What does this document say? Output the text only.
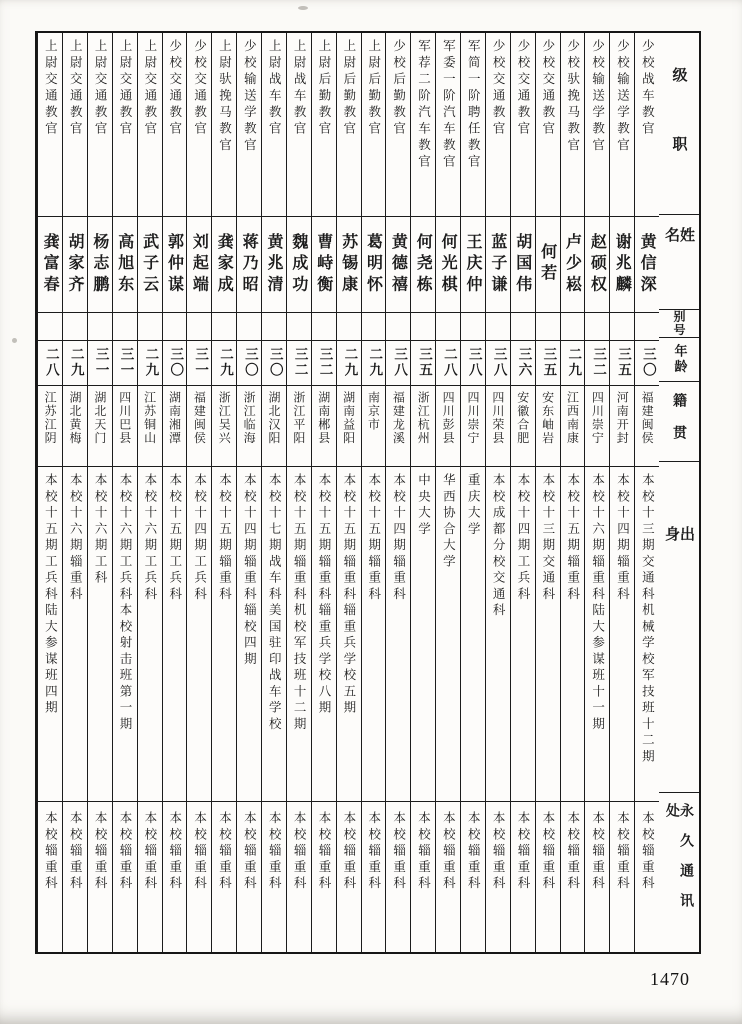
级职
姓名
别号
年龄
籍贯
出身
永久通讯处
少校战车教官
黄信深
三〇
福建闽侯
本校十三期交通科机械学校军技班十二期
本校辎重科
少校输送学教官
谢兆麟
三五
河南开封
本校十四期辎重科
本校辎重科
少校输送学教官
赵硕权
三二
四川崇宁
本校十六期辎重科陆大参谋班十一期
本校辎重科
少校驮挽马教官
卢少崧
二九
江西南康
本校十五期辎重科
本校辎重科
少校交通教官
何若
三五
安东岫岩
本校十三期交通科
本校辎重科
少校交通教官
胡国伟
三六
安徽合肥
本校十四期工兵科
本校辎重科
少校交通教官
蓝子谦
三八
四川荣县
本校成都分校交通科
本校辎重科
军简一阶聘任教官
王庆仲
三八
四川崇宁
重庆大学
本校辎重科
军委一阶汽车教官
何光棋
二八
四川彭县
华西协合大学
本校辎重科
军荐二阶汽车教官
何尧栋
三五
浙江杭州
中央大学
本校辎重科
少校后勤教官
黄德禧
三八
福建龙溪
本校十四期辎重科
本校辎重科
上尉后勤教官
葛明怀
二九
南京市
本校十五期辎重科
本校辎重科
上尉后勤教官
苏锡康
二九
湖南益阳
本校十五期辎重科辎重兵学校五期
本校辎重科
上尉后勤教官
曹峙衡
三二
湖南郴县
本校十五期辎重科辎重兵学校八期
本校辎重科
上尉战车教官
魏成功
三二
浙江平阳
本校十五期辎重科机校军技班十二期
本校辎重科
上尉战车教官
黄兆清
三〇
湖北汉阳
本校十七期战车科美国驻印战车学校
本校辎重科
少校输送学教官
蒋乃昭
三〇
浙江临海
本校十四期辎重科辎校四期
本校辎重科
上尉驮挽马教官
龚家成
二九
浙江吴兴
本校十五期辎重科
本校辎重科
少校交通教官
刘起端
三一
福建闽侯
本校十四期工兵科
本校辎重科
少校交通教官
郭仲谋
三〇
湖南湘潭
本校十五期工兵科
本校辎重科
上尉交通教官
武子云
二九
江苏铜山
本校十六期工兵科
本校辎重科
上尉交通教官
高旭东
三一
四川巴县
本校十六期工兵科本校射击班第一期
本校辎重科
上尉交通教官
杨志鹏
三一
湖北天门
本校十六期工科
本校辎重科
上尉交通教官
胡家齐
二九
湖北黄梅
本校十六期辎重科
本校辎重科
上尉交通教官
龚富春
二八
江苏江阴
本校十五期工兵科陆大参谋班四期
本校辎重科
1470
